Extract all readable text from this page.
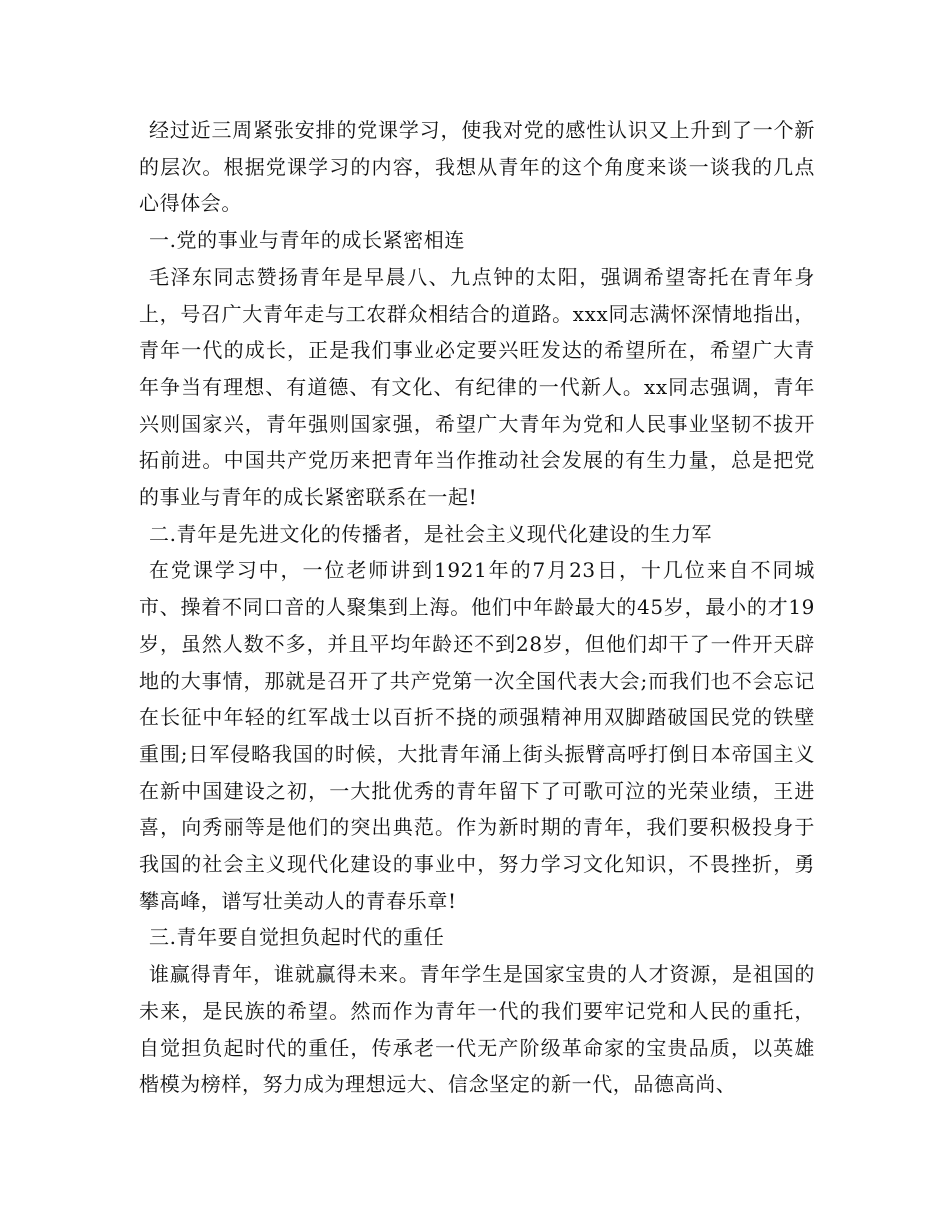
经过近三周紧张安排的党课学习，使我对党的感性认识又上升到了一个新的层次。根据党课学习的内容，我想从青年的这个角度来谈一谈我的几点心得体会。

一.党的事业与青年的成长紧密相连

毛泽东同志赞扬青年是早晨八、九点钟的太阳，强调希望寄托在青年身上，号召广大青年走与工农群众相结合的道路。xxx同志满怀深情地指出，青年一代的成长，正是我们事业必定要兴旺发达的希望所在，希望广大青年争当有理想、有道德、有文化、有纪律的一代新人。xx同志强调，青年兴则国家兴，青年强则国家强，希望广大青年为党和人民事业坚韧不拔开拓前进。中国共产党历来把青年当作推动社会发展的有生力量，总是把党的事业与青年的成长紧密联系在一起!

二.青年是先进文化的传播者，是社会主义现代化建设的生力军

在党课学习中，一位老师讲到1921年的7月23日，十几位来自不同城市、操着不同口音的人聚集到上海。他们中年龄最大的45岁，最小的才19岁，虽然人数不多，并且平均年龄还不到28岁，但他们却干了一件开天辟地的大事情，那就是召开了共产党第一次全国代表大会;而我们也不会忘记在长征中年轻的红军战士以百折不挠的顽强精神用双脚踏破国民党的铁壁重围;日军侵略我国的时候，大批青年涌上街头振臂高呼打倒日本帝国主义在新中国建设之初，一大批优秀的青年留下了可歌可泣的光荣业绩，王进喜，向秀丽等是他们的突出典范。作为新时期的青年，我们要积极投身于我国的社会主义现代化建设的事业中，努力学习文化知识，不畏挫折，勇攀高峰，谱写壮美动人的青春乐章!

三.青年要自觉担负起时代的重任

谁赢得青年，谁就赢得未来。青年学生是国家宝贵的人才资源，是祖国的未来，是民族的希望。然而作为青年一代的我们要牢记党和人民的重托，自觉担负起时代的重任，传承老一代无产阶级革命家的宝贵品质，以英雄楷模为榜样，努力成为理想远大、信念坚定的新一代，品德高尚、
